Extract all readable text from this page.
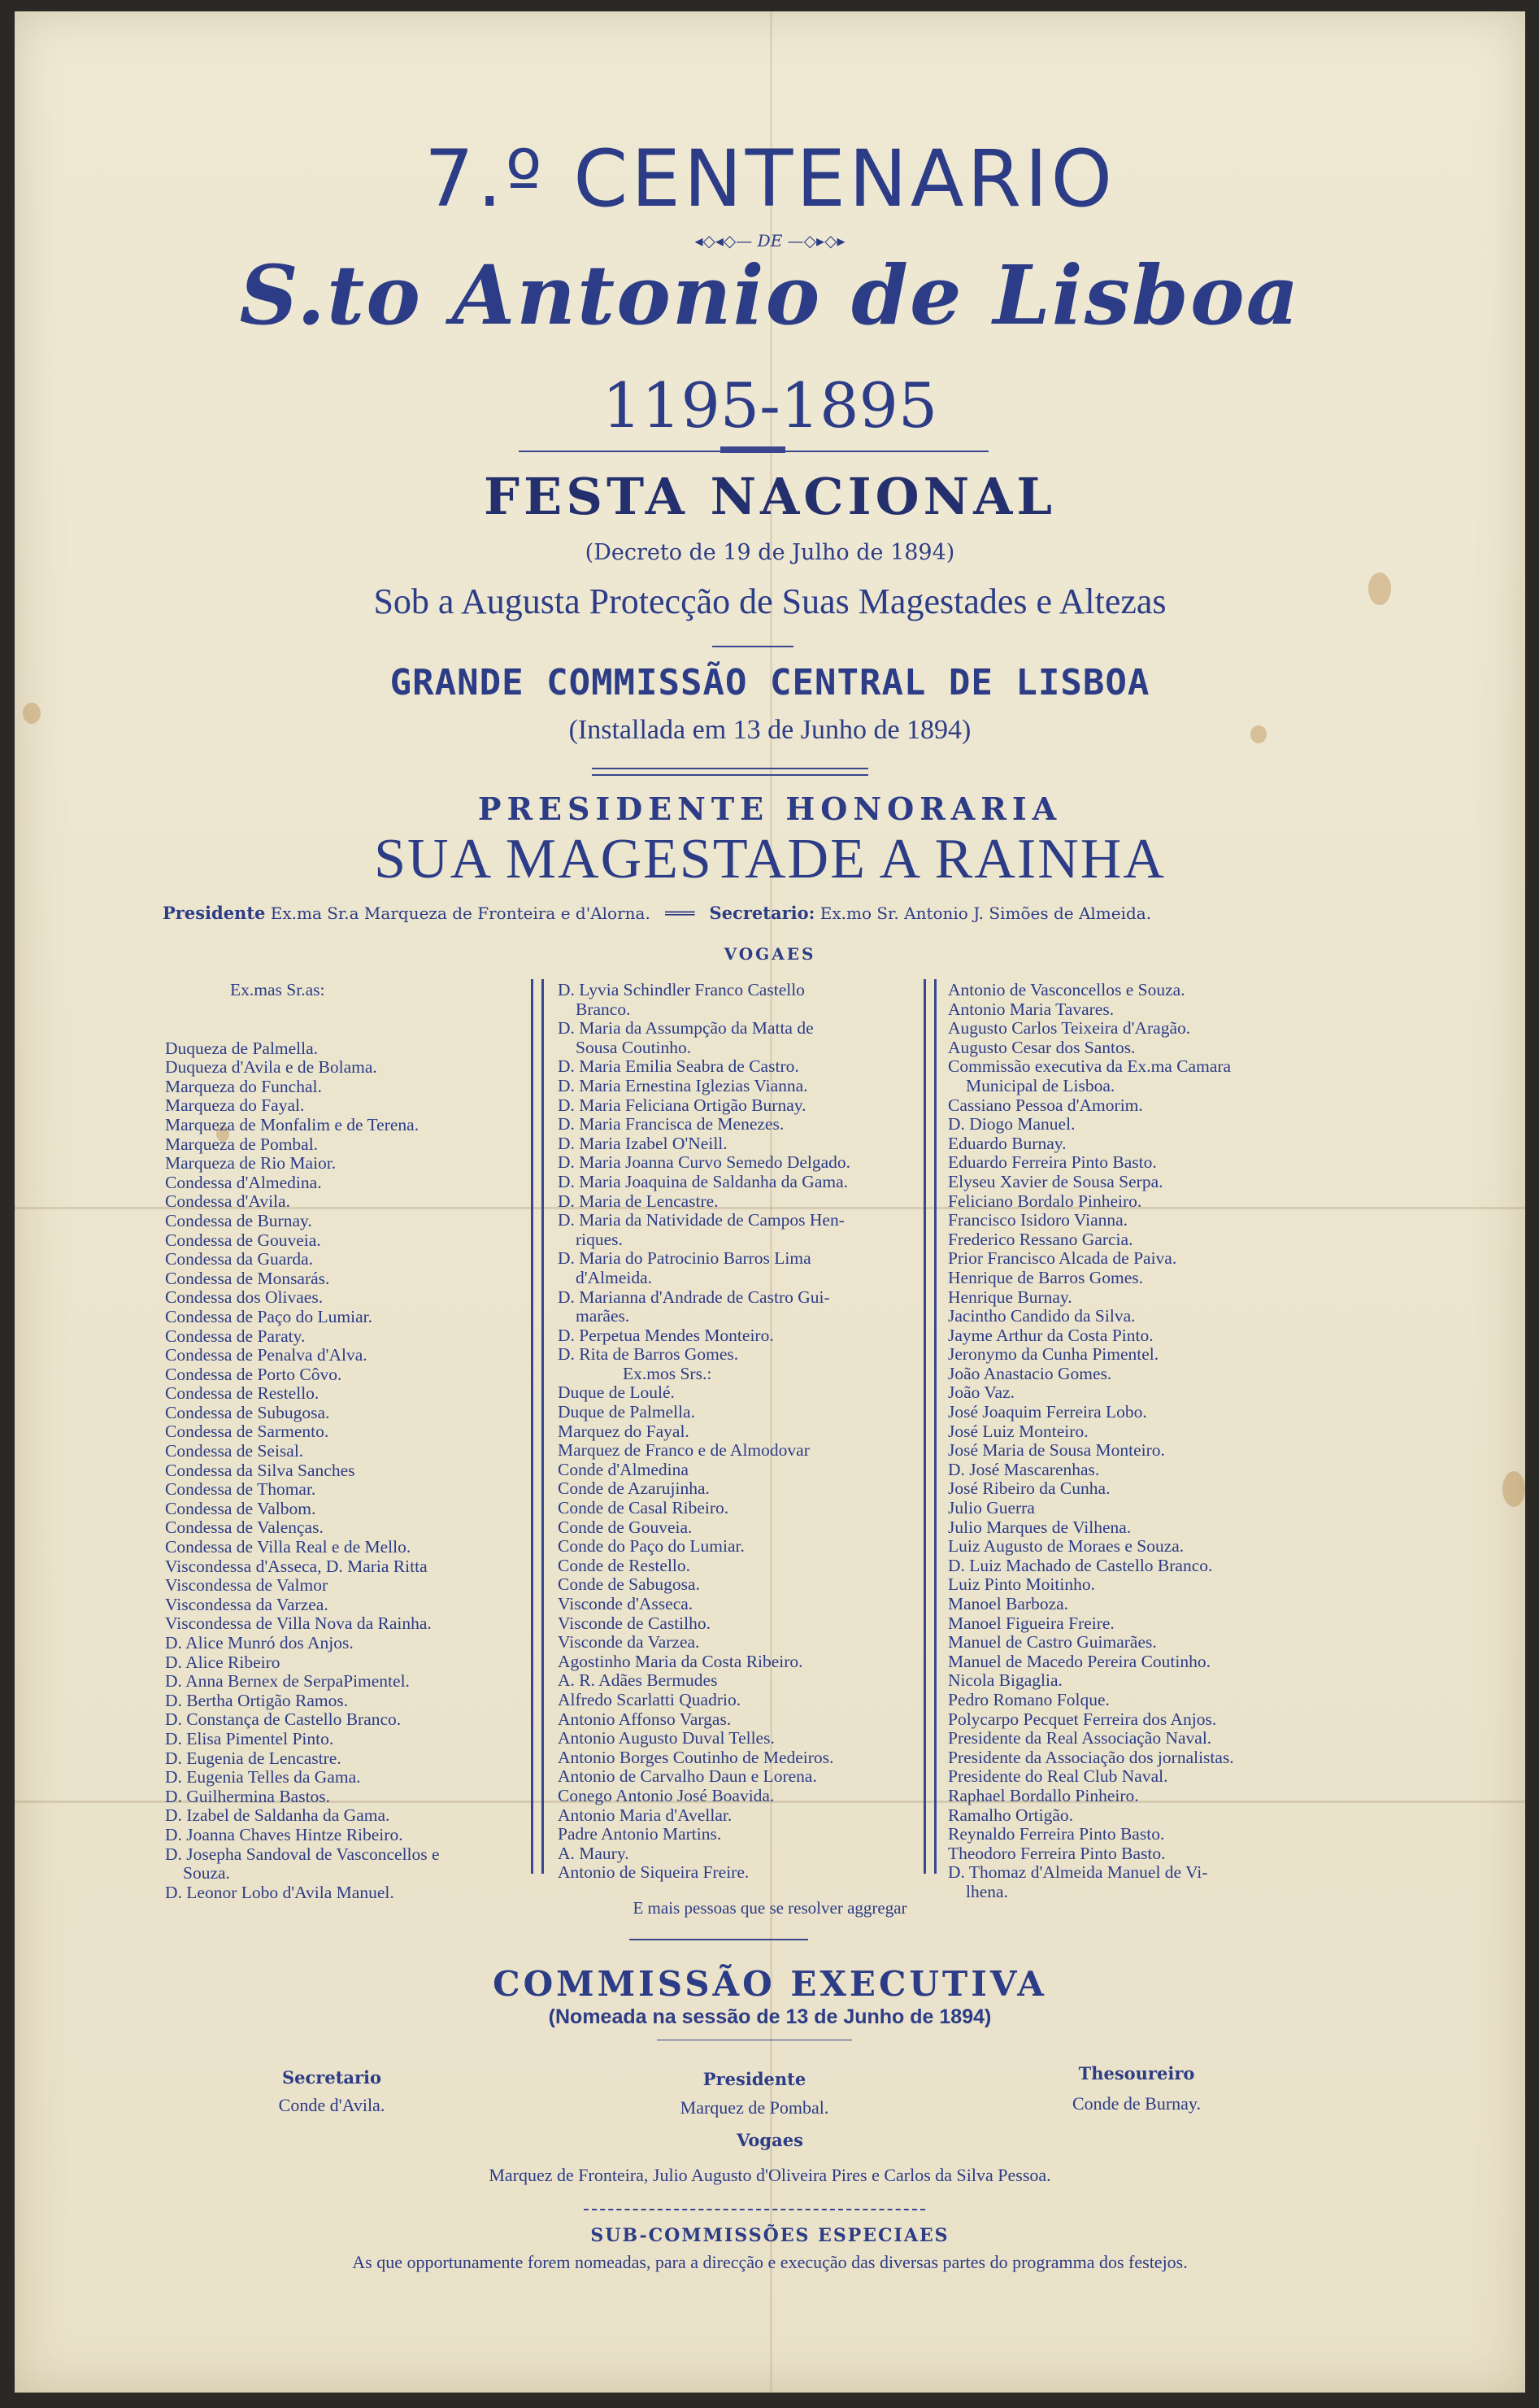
7.º CENTENARIO
◂◇◂◇— DE —◇▸◇▸
S.to Antonio de Lisboa
1195-1895
FESTA NACIONAL
(Decreto de 19 de Julho de 1894)
Sob a Augusta Protecção de Suas Magestades e Altezas
GRANDE COMMISSÃO CENTRAL DE LISBOA
(Installada em 13 de Junho de 1894)
PRESIDENTE HONORARIA
SUA MAGESTADE A RAINHA
Presidente Ex.ma Sr.a Marqueza de Fronteira e d'Alorna. ═══ Secretario: Ex.mo Sr. Antonio J. Simões de Almeida.
VOGAES
Ex.mas Sr.as:
Duqueza de Palmella.
Duqueza d'Avila e de Bolama.
Marqueza do Funchal.
Marqueza do Fayal.
Marqueza de Monfalim e de Terena.
Marqueza de Pombal.
Marqueza de Rio Maior.
Condessa d'Almedina.
Condessa d'Avila.
Condessa de Burnay.
Condessa de Gouveia.
Condessa da Guarda.
Condessa de Monsarás.
Condessa dos Olivaes.
Condessa de Paço do Lumiar.
Condessa de Paraty.
Condessa de Penalva d'Alva.
Condessa de Porto Côvo.
Condessa de Restello.
Condessa de Subugosa.
Condessa de Sarmento.
Condessa de Seisal.
Condessa da Silva Sanches
Condessa de Thomar.
Condessa de Valbom.
Condessa de Valenças.
Condessa de Villa Real e de Mello.
Viscondessa d'Asseca, D. Maria Ritta
Viscondessa de Valmor
Viscondessa da Varzea.
Viscondessa de Villa Nova da Rainha.
D. Alice Munró dos Anjos.
D. Alice Ribeiro
D. Anna Bernex de SerpaPimentel.
D. Bertha Ortigão Ramos.
D. Constança de Castello Branco.
D. Elisa Pimentel Pinto.
D. Eugenia de Lencastre.
D. Eugenia Telles da Gama.
D. Guilhermina Bastos.
D. Izabel de Saldanha da Gama.
D. Joanna Chaves Hintze Ribeiro.
D. Josepha Sandoval de Vasconcellos e
Souza.
D. Leonor Lobo d'Avila Manuel.
D. Lyvia Schindler Franco Castello
Branco.
D. Maria da Assumpção da Matta de
Sousa Coutinho.
D. Maria Emilia Seabra de Castro.
D. Maria Ernestina Iglezias Vianna.
D. Maria Feliciana Ortigão Burnay.
D. Maria Francisca de Menezes.
D. Maria Izabel O'Neill.
D. Maria Joanna Curvo Semedo Delgado.
D. Maria Joaquina de Saldanha da Gama.
D. Maria de Lencastre.
D. Maria da Natividade de Campos Hen-
riques.
D. Maria do Patrocinio Barros Lima
d'Almeida.
D. Marianna d'Andrade de Castro Gui-
marães.
D. Perpetua Mendes Monteiro.
D. Rita de Barros Gomes.
Ex.mos Srs.:
Duque de Loulé.
Duque de Palmella.
Marquez do Fayal.
Marquez de Franco e de Almodovar
Conde d'Almedina
Conde de Azarujinha.
Conde de Casal Ribeiro.
Conde de Gouveia.
Conde do Paço do Lumiar.
Conde de Restello.
Conde de Sabugosa.
Visconde d'Asseca.
Visconde de Castilho.
Visconde da Varzea.
Agostinho Maria da Costa Ribeiro.
A. R. Adães Bermudes
Alfredo Scarlatti Quadrio.
Antonio Affonso Vargas.
Antonio Augusto Duval Telles.
Antonio Borges Coutinho de Medeiros.
Antonio de Carvalho Daun e Lorena.
Conego Antonio José Boavida.
Antonio Maria d'Avellar.
Padre Antonio Martins.
A. Maury.
Antonio de Siqueira Freire.
Antonio de Vasconcellos e Souza.
Antonio Maria Tavares.
Augusto Carlos Teixeira d'Aragão.
Augusto Cesar dos Santos.
Commissão executiva da Ex.ma Camara
Municipal de Lisboa.
Cassiano Pessoa d'Amorim.
D. Diogo Manuel.
Eduardo Burnay.
Eduardo Ferreira Pinto Basto.
Elyseu Xavier de Sousa Serpa.
Feliciano Bordalo Pinheiro.
Francisco Isidoro Vianna.
Frederico Ressano Garcia.
Prior Francisco Alcada de Paiva.
Henrique de Barros Gomes.
Henrique Burnay.
Jacintho Candido da Silva.
Jayme Arthur da Costa Pinto.
Jeronymo da Cunha Pimentel.
João Anastacio Gomes.
João Vaz.
José Joaquim Ferreira Lobo.
José Luiz Monteiro.
José Maria de Sousa Monteiro.
D. José Mascarenhas.
José Ribeiro da Cunha.
Julio Guerra
Julio Marques de Vilhena.
Luiz Augusto de Moraes e Souza.
D. Luiz Machado de Castello Branco.
Luiz Pinto Moitinho.
Manoel Barboza.
Manoel Figueira Freire.
Manuel de Castro Guimarães.
Manuel de Macedo Pereira Coutinho.
Nicola Bigaglia.
Pedro Romano Folque.
Polycarpo Pecquet Ferreira dos Anjos.
Presidente da Real Associação Naval.
Presidente da Associação dos jornalistas.
Presidente do Real Club Naval.
Raphael Bordallo Pinheiro.
Ramalho Ortigão.
Reynaldo Ferreira Pinto Basto.
Theodoro Ferreira Pinto Basto.
D. Thomaz d'Almeida Manuel de Vi-
lhena.
E mais pessoas que se resolver aggregar
COMMISSÃO EXECUTIVA
(Nomeada na sessão de 13 de Junho de 1894)
Secretario
Conde d'Avila.
Presidente
Marquez de Pombal.
Thesoureiro
Conde de Burnay.
Vogaes
Marquez de Fronteira, Julio Augusto d'Oliveira Pires e Carlos da Silva Pessoa.
SUB-COMMISSÕES ESPECIAES
As que opportunamente forem nomeadas, para a direcção e execução das diversas partes do programma dos festejos.
